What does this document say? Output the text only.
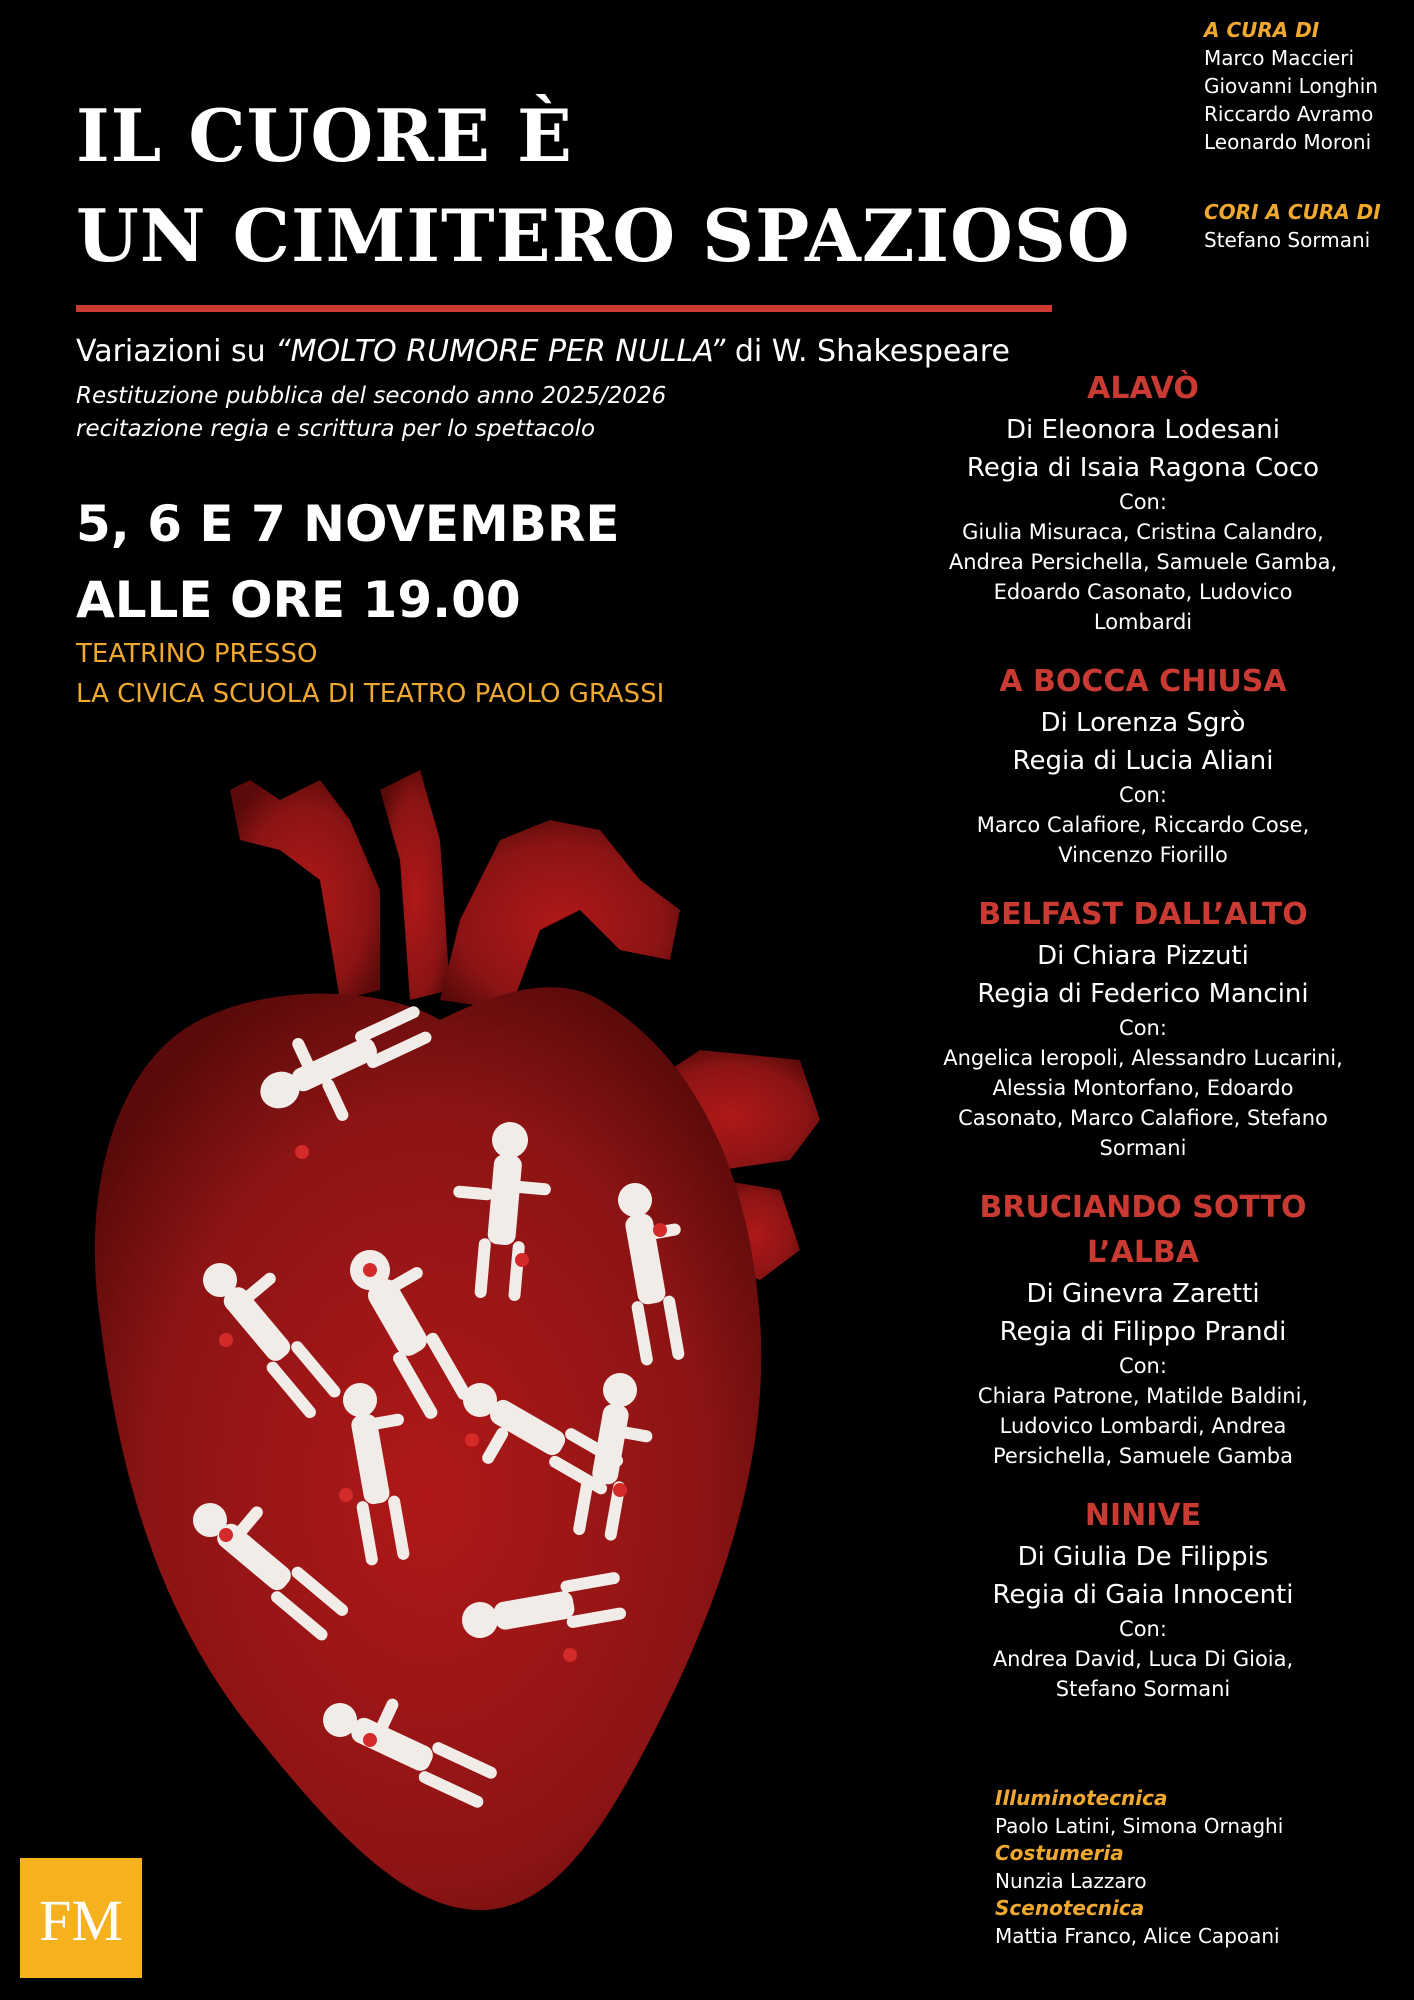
IL CUORE È
UN CIMITERO SPAZIOSO
Variazioni su “MOLTO RUMORE PER NULLA” di W. Shakespeare
Restituzione pubblica del secondo anno 2025/2026
recitazione regia e scrittura per lo spettacolo
5, 6 E 7 NOVEMBRE
ALLE ORE 19.00
TEATRINO PRESSO
LA CIVICA SCUOLA DI TEATRO PAOLO GRASSI
A CURA DI
Marco Maccieri
Giovanni Longhin
Riccardo Avramo
Leonardo Moroni
CORI A CURA DI
Stefano Sormani
ALAVÒ
Di Eleonora Lodesani
Regia di Isaia Ragona Coco
Con:
Giulia Misuraca, Cristina Calandro,
Andrea Persichella, Samuele Gamba,
Edoardo Casonato, Ludovico
Lombardi
A BOCCA CHIUSA
Di Lorenza Sgrò
Regia di Lucia Aliani
Con:
Marco Calafiore, Riccardo Cose,
Vincenzo Fiorillo
BELFAST DALL’ALTO
Di Chiara Pizzuti
Regia di Federico Mancini
Con:
Angelica Ieropoli, Alessandro Lucarini,
Alessia Montorfano, Edoardo
Casonato, Marco Calafiore, Stefano
Sormani
BRUCIANDO SOTTO
L’ALBA
Di Ginevra Zaretti
Regia di Filippo Prandi
Con:
Chiara Patrone, Matilde Baldini,
Ludovico Lombardi, Andrea
Persichella, Samuele Gamba
NINIVE
Di Giulia De Filippis
Regia di Gaia Innocenti
Con:
Andrea David, Luca Di Gioia,
Stefano Sormani
Illuminotecnica
Paolo Latini, Simona Ornaghi
Costumeria
Nunzia Lazzaro
Scenotecnica
Mattia Franco, Alice Capoani
FM
